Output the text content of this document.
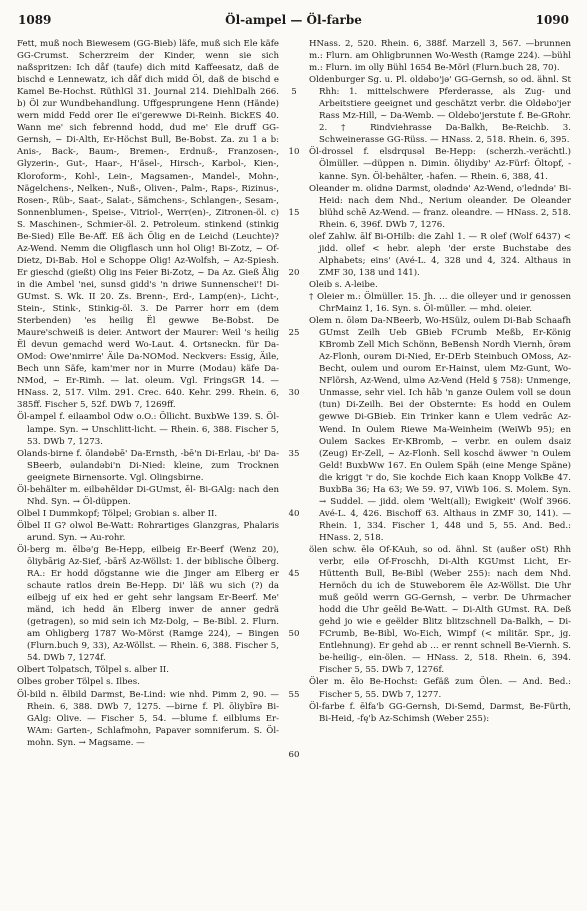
1089	Öl-ampel — Öl-farbe	1090

Fett, muß noch Biewesem (GG-Bieb) läfe, muß sich Ele käfe GG-Crumst. Scherzreim der Kinder, wenn sie sich naßspritzen: Ich dåf (taufe) dich mitd Kaffeesatz, daß de bischd e Lennewatz, ich dåf dich midd Öl, daß de bischd e Kamel Be-Hochst. RüthlGl 31. Journal 214. DiehlDalh 266. b) Öl zur Wundbehandlung. Uffgesprungene Henn (Hände) wern midd Fedd orer Ile ei'gerewwe Di-Reinh. BickES 40. Wann me' sich febrennd hodd, dud me' Ele druff GG-Gernsh, ~ Di-Alth, Er-Höchst Bull, Be-Bobst. Za. zu 1 a b: Anis-, Back-, Baum-, Bremen-, Erdnuß-, Franzosen-, Glyzerin-, Gut-, Haar-, H'äsel-, Hirsch-, Karbol-, Kien-, Kloroform-, Kohl-, Lein-, Magsamen-, Mandel-, Mohn-, Nägelchens-, Nelken-, Nuß-, Oliven-, Palm-, Raps-, Rizinus-, Rosen-, Rüb-, Saat-, Salat-, Sämchens-, Schlangen-, Sesam-, Sonnenblumen-, Speise-, Vitriol-, Werr(en)-, Zitronen-öl. c) S. Maschinen-, Schmier-öl. 2. Petroleum. stinkend (stinkig Be-Sied) Elle Be-Aff. Eß äch Ölig en de Leichd (Leuchte)? Az-Wend. Nemm die Oligflasch unn hol Olig! Bi-Zotz, ~ Of-Dietz, Di-Bab. Hol e Schoppe Olig! Az-Wolfsh, ~ Az-Spiesh. Er gieschd (gießt) Olig ins Feier Bi-Zotz, ~ Da Az. Gieß Ålig in die Ambel 'nei, sunsd gidd's 'n driwe Sunnenschei'! Di-GUmst. S. Wk. II 20. Zs. Brenn-, Erd-, Lamp(en)-, Licht-, Stein-, Stink-, Stinkig-öl. 3. De Parrer horr em (dem Sterbenden) 'es heilig Ël gewwe Be-Bobst. De Maure'schweiß is deier. Antwort der Maurer: Weil 's heilig Ël devun gemachd werd Wo-Laut. 4. Ortsneckn. für Da-OMod: Owe'nmirre' Äile Da-NOMod. Neckvers: Essig, Äile, Bech unn Säfe, kam'mer nor in Murre (Modau) käfe Da-NMod, ~ Er-Rimh. — lat. oleum. Vgl. FringsGR 14. — HNass. 2, 517. Vilm. 291. Crec. 640. Kehr. 299. Rhein. 6, 385ff. Fischer 5, 52f. DWb 7, 1269ff.

Öl-ampel f. eilaambol Odw o.O.: Öllicht. BuxbWe 139. S. Öl-lampe. Syn. → Unschlitt-licht. — Rhein. 6, 388. Fischer 5, 53. DWb 7, 1273.

Olands-birne f. ōlandəbē' Da-Ernsth, -bē'n Di-Erlau, -bi' Da-SBeerb, əulandəbi'n Di-Nied: kleine, zum Trocknen geeignete Birnensorte. Vgl. Olingsbirne.

Öl-behälter m. eilbəhēldər Di-GUmst, ēl- Bi-GAlg: nach den Nhd. Syn. → Öl-düppen.

Olbel I Dummkopf; Tölpel; Grobian s. alber II.

Ölbel II G? olwol Be-Watt: Rohrartiges Glanzgras, Phalaris arund. Syn. → Au-rohr.

Öl-berg m. ēlbə'g Be-Hepp, eilbeig Er-Beerf (Wenz 20), ōliybārig Az-Sief, -bārš Az-Wöllst: 1. der biblische Ölberg. RA.: Er hodd dögstanne wie die Jinger am Elberg er schaute ratlos drein Be-Hepp. Di' läß wu sich (?) da eilbejg uf eix hed er geht sehr langsam Er-Beerf. Me' mänd, ich hedd än Elberg inwer de anner gedrä (getragen), so mid sein ich Mz-Dolg, ~ Be-Bibl. 2. Flurn. am Ohligberg 1787 Wo-Mörst (Ramge 224), ~ Bingen (Flurn.buch 9, 33), Az-Wöllst. — Rhein. 6, 388. Fischer 5, 54. DWb 7, 1274f.

Olbert Tolpatsch, Tölpel s. alber II.

Olbes grober Tölpel s. Ilbes.

Öl-bild n. ēlbild Darmst, Be-Lind: wie nhd. Pimm 2, 90. — Rhein. 6, 388. DWb 7, 1275. —birne f. Pl. ōliybīrə Bi-GAlg: Olive. — Fischer 5, 54. —blume f. eilblums Er-WAm: Garten-, Schlafmohn, Papaver somniferum. S. Öl-mohn. Syn. → Magsame. —

5
10
15
20
25
30
35
40
45
50
55
60

HNass. 2, 520. Rhein. 6, 388f. Marzell 3, 567. —brunnen m.: Flurn. am Ohligbrunnen Wo-Westh (Ramge 224). —bühl m.: Flurn. im olly Bühl 1654 Be-Mörl (Flurn.buch 28, 70).

Oldenburger Sg. u. Pl. oldəbo'jə' GG-Gernsh, so od. ähnl. St Rhh: 1. mittelschwere Pferderasse, als Zug- und Arbeitstiere geeignet und geschätzt verbr. die Oldəbo'jer Rass Mz-Hill, ~ Da-Wemb. — Oldebo'jerstute f. Be-GRohr. 2. † Rindviehrasse Da-Balkh, Be-Reichb. 3. Schweinerasse GG-Rüss. — HNass. 2, 518. Rhein. 6, 395.

Öl-drossel f. elsdrqusəl Be-Hepp: (scherzh.-verächtl.) Ölmüller. —düppen n. Dimin. ōliydiby' Az-Fürf: Öltopf, -kanne. Syn. Öl-behälter, -hafen. — Rhein. 6, 388, 41.

Oleander m. olidnə Darmst, olədndə' Az-Wend, o'ledndə' Bi-Heid: nach dem Nhd., Nerium oleander. De Oleander blühd schē Az-Wend. — franz. oleandre. — HNass. 2, 518. Rhein. 6, 396f. DWb 7, 1276.

olef Zahlw. ālf Bi-OHilb: die Zahl 1. — R olef (Wolf 6437) < jidd. ollef < hebr. aleph 'der erste Buchstabe des Alphabets; eins' (Avé-L. 4, 328 und 4, 324. Althaus in ZMF 30, 138 und 141).

Oleib s. A-leibe.

† Oleier m.: Ölmüller. 15. Jh. … die olleyer und ir genossen ChrMainz 1, 16. Syn. s. Öl-müller. — mhd. oleier.

Olem n. ōləm Da-NBeerb, Wo-HSülz, oulem Di-Bab Schaafh GUmst Zeilh Ueb GBieb FCrumb Meßb, Er-König KBromb Zell Mich Schönn, BeBensh Nordh Viernh, ōrəm Az-Flonh, ourəm Di-Nied, Er-DErb Steinbuch OMoss, Az-Becht, oulem und ourom Er-Hainst, ulem Mz-Gunt, Wo-NFlörsh, Az-Wend, ulmə Az-Vend (Held § 758): Unmenge, Unmasse, sehr viel. Ich hāb 'n ganze Oulem voll se doun (tun) Di-Zeilh. Bei der Obsternte: Es hodd en Oulem gewwe Di-GBieb. Ein Trinker kann e Ulem vedrāc Az-Wend. In Oulem Riewe Ma-Weinheim (WeiWb 95); en Oulem Sackes Er-KBromb, ~ verbr. en oulem dsaiz (Zeug) Er-Zell, ~ Az-Flonh. Sell koschd äwwer 'n Oulem Geld! BuxbWw 167. En Oulem Späh (eine Menge Späne) die kriggt 'r do, Sie kochde Eich kaan Knopp VolkBe 47. BuxbBa 36; Ha 63; We 59. 97, ViWb 106. S. Molem. Syn. → Suddel. — jidd. olem 'Welt(all); Ewigkeit' (Wolf 3966. Avé-L. 4, 426. Bischoff 63. Althaus in ZMF 30, 141). — Rhein. 1, 334. Fischer 1, 448 und 5, 55. And. Bed.: HNass. 2, 518.

ölen schw. ēlə Of-KAuh, so od. ähnl. St (außer oSt) Rhh verbr, eilə Of-Froschh, Di-Alth KGUmst Licht, Er-Hüttenth Bull, Be-Bibl (Weber 255): nach dem Nhd. Hernöch du ich de Stuweborem ēle Az-Wöllst. Die Uhr muß geöld werrn GG-Gernsh, ~ verbr. De Uhrmacher hodd die Uhr geēld Be-Watt. ~ Di-Alth GUmst. RA. Deß gehd jo wie e geëlder Blitz blitzschnell Da-Balkh, ~ Di-FCrumb, Be-Bibl, Wo-Eich, Wimpf (< militär. Spr., jg. Entlehnung). Er gehd ab … er rennt schnell Be-Viernh. S. be-heilig-, ein-ölen. — HNass. 2, 518. Rhein. 6, 394. Fischer 5, 55. DWb 7, 1276f.

Öler m. ēlo Be-Hochst: Gefäß zum Ölen. — And. Bed.: Fischer 5, 55. DWb 7, 1277.

Öl-farbe f. ēlfa'b GG-Gernsh, Di-Semd, Darmst, Be-Fürth, Bi-Heid, -fę'b Az-Schimsh (Weber 255):
